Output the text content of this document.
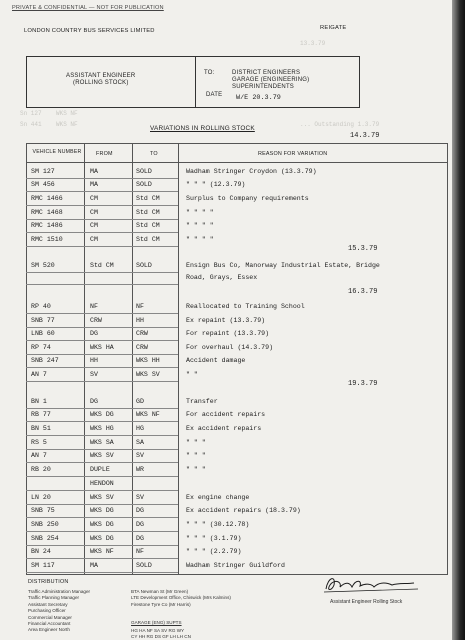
13.3.79
Sn 127    WKS NF
Sn 441    WKS NF	... Outstanding 1.3.79
PRIVATE & CONFIDENTIAL — NOT FOR PUBLICATION
LONDON COUNTRY BUS SERVICES LIMITED	REIGATE
ASSISTANT ENGINEER
(ROLLING STOCK)
TO:	DISTRICT ENGINEERS
GARAGE (ENGINEERING)
SUPERINTENDENTS
DATE W/E 20.3.79
VARIATIONS IN ROLLING STOCK
VEHICLE NUMBER	FROM	TO	REASON FOR VARIATION
14.3.79
15.3.79
16.3.79
19.3.79
SM 127	MA	SOLD	Wadham Stringer Croydon (13.3.79)
SM 456	MA	SOLD	" " " (12.3.79)
RMC 1466	CM	Std CM	Surplus to Company requirements
RMC 1468	CM	Std CM	" " " "
RMC 1486	CM	Std CM	" " " "
RMC 1510	CM	Std CM	" " " "
SM 520	Std CM	SOLD	Ensign Bus Co, Manorway Industrial Estate, Bridge
Road, Grays, Essex
RP 40	NF	NF	Reallocated to Training School
SNB 77	CRW	HH	Ex repaint (13.3.79)
LNB 60	DG	CRW	For repaint (13.3.79)
RP 74	WKS HA	CRW	For overhaul (14.3.79)
SNB 247	HH	WKS HH	Accident damage
AN 7	SV	WKS SV	" "
BN 1	DG	GD	Transfer
RB 77	WKS DG	WKS NF	For accident repairs
BN 51	WKS HG	HG	Ex accident repairs
RS 5	WKS SA	SA	" " "
AN 7	WKS SV	SV	" " "
RB 20	DUPLE	WR	" " "
HENDON
LN 20	WKS SV	SV	Ex engine change
SNB 75	WKS DG	DG	Ex accident repairs (18.3.79)
SNB 250	WKS DG	DG	" " " (30.12.78)
SNB 254	WKS DG	DG	" " " (3.1.79)
BN 24	WKS NF	NF	" " " (2.2.79)
SM 117	MA	SOLD	Wadham Stringer Guildford
DISTRIBUTION
Traffic Administration Manager
Traffic Planning Manager
Assistant Secretary
Purchasing Officer
Commercial Manager
Financial Accountant
Area Engineer North
BTA Newman St (Mr Green)
LTE Development Office, Chiswick (Mrs Kalmins)
Firestone Tyre Co (Mr Harris)
GARAGE (ENG) SUPTS
HG HA NF SA SV RG WY
CY HH RG DS GF LH LH CN
Assistant Engineer Rolling Stock
